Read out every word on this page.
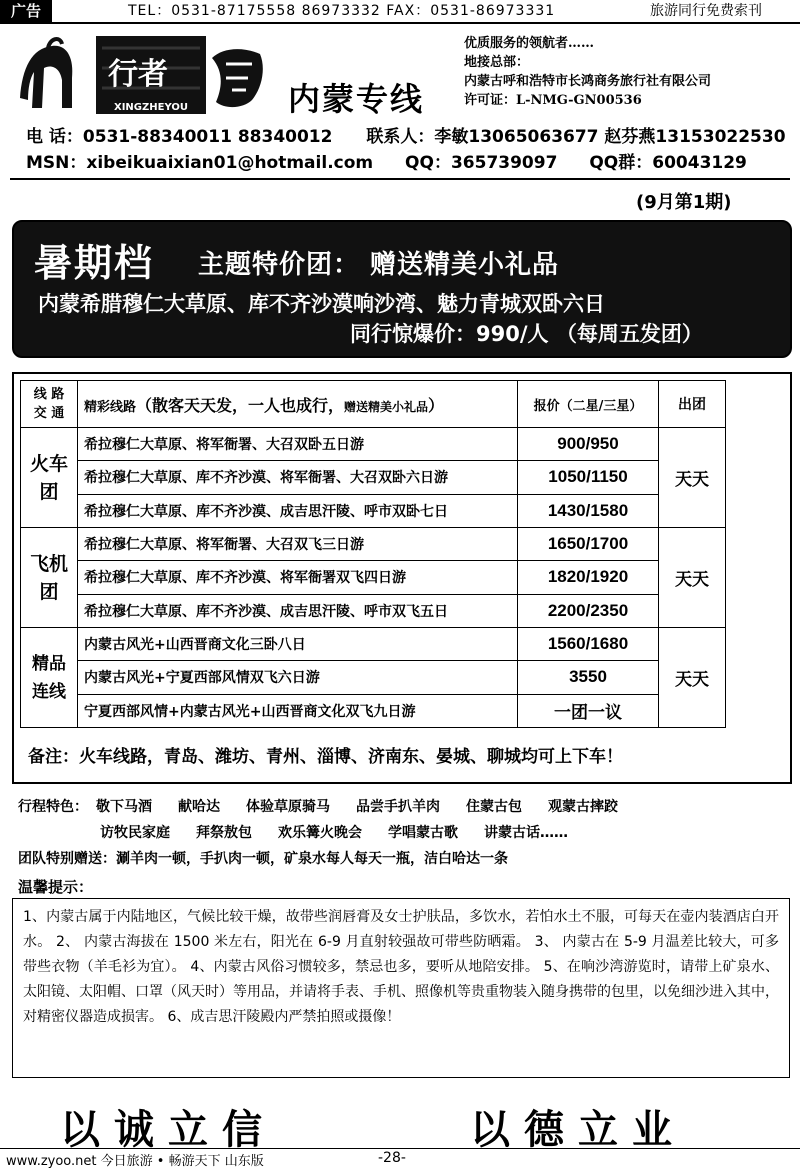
广告	TEL：0531-87175558 86973332 FAX：0531-86973331	旅游同行免费索刊
行者
XINGZHEYOU	内蒙专线
优质服务的领航者……
地接总部：
内蒙古呼和浩特市长鸿商务旅行社有限公司
许可证：L-NMG-GN00536
电 话：0531-88340011 88340012 联系人：李敏13065063677 赵芬燕13153022530
MSN：xibeikuaixian01@hotmail.com QQ：365739097 QQ群：60043129
(9月第1期)
暑期档 主题特价团： 赠送精美小礼品
内蒙希腊穆仁大草原、库不齐沙漠响沙湾、魅力青城双卧六日
同行惊爆价：990/人 （每周五发团）
线 路
交 通	精彩线路（散客天天发，一人也成行，赠送精美小礼品）	报价（二星/三星）	出团
火车团	希拉穆仁大草原、将军衙署、大召双卧五日游	900/950	天天
	希拉穆仁大草原、库不齐沙漠、将军衙署、大召双卧六日游	1050/1150	
	希拉穆仁大草原、库不齐沙漠、成吉思汗陵、呼市双卧七日	1430/1580	
飞机团	希拉穆仁大草原、将军衙署、大召双飞三日游	1650/1700	天天
	希拉穆仁大草原、库不齐沙漠、将军衙署双飞四日游	1820/1920	
	希拉穆仁大草原、库不齐沙漠、成吉思汗陵、呼市双飞五日	2200/2350	
精品连线	内蒙古风光+山西晋商文化三卧八日	1560/1680	天天
	内蒙古风光+宁夏西部风情双飞六日游	3550	
	宁夏西部风情+内蒙古风光+山西晋商文化双飞九日游	一团一议	
备注：火车线路，青岛、潍坊、青州、淄博、济南东、晏城、聊城均可上下车！
行程特色： 敬下马酒 献哈达 体验草原骑马 品尝手扒羊肉 住蒙古包 观蒙古摔跤
访牧民家庭 拜祭敖包 欢乐篝火晚会 学唱蒙古歌 讲蒙古话……
团队特别赠送：涮羊肉一顿，手扒肉一顿，矿泉水每人每天一瓶，洁白哈达一条
温馨提示：
1、内蒙古属于内陆地区，气候比较干燥，故带些润唇膏及女士护肤品，多饮水，若怕水土不服，可每天在壶内装酒店白开水。 2、 内蒙古海拔在 1500 米左右，阳光在 6-9 月直射较强故可带些防晒霜。 3、 内蒙古在 5-9 月温差比较大，可多带些衣物（羊毛衫为宜）。 4、内蒙古风俗习惯较多，禁忌也多，要听从地陪安排。 5、在响沙湾游览时，请带上矿泉水、太阳镜、太阳帽、口罩（风天时）等用品，并请将手表、手机、照像机等贵重物装入随身携带的包里，以免细沙进入其中，对精密仪器造成损害。 6、成吉思汗陵殿内严禁拍照或摄像！
以诚立信	以德立业
www.zyoo.net 今日旅游 • 畅游天下 山东版	-28-
